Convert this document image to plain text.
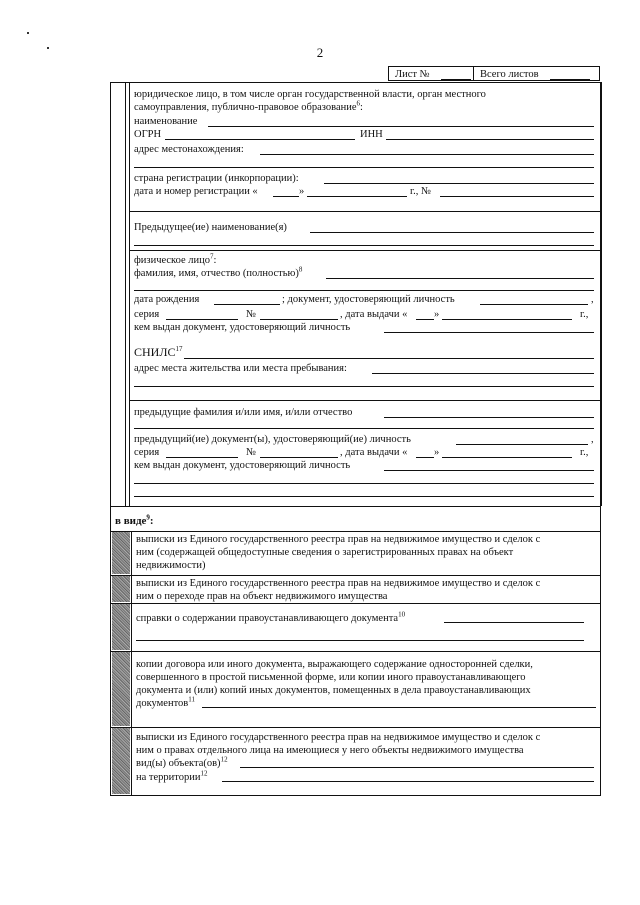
2
Лист №	Всего листов
юридическое лицо, в том числе орган государственной власти, орган местного
самоуправления, публично-правовое образование$^6$:
наименование
ОГРН	ИНН
адрес местонахождения:
страна регистрации (инкорпорации):
дата и номер регистрации «	»	г., №
Предыдущее(ие) наименование(я)
физическое лицо$^7$:
фамилия, имя, отчество (полностью)$^8$
дата рождения	; документ, удостоверяющий личность	,
серия	№	, дата выдачи «	»	г.,
кем выдан документ, удостоверяющий личность
СНИЛС$^{17}$
адрес места жительства или места пребывания:
предыдущие фамилия и/или имя, и/или отчество
предыдущий(ие) документ(ы), удостоверяющий(ие) личность	,
серия	№	, дата выдачи «	»	г.,
кем выдан документ, удостоверяющий личность
в виде$^9$:
выписки из Единого государственного реестра прав на недвижимое имущество и сделок с
ним (содержащей общедоступные сведения о зарегистрированных правах на объект
недвижимости)
выписки из Единого государственного реестра прав на недвижимое имущество и сделок с
ним о переходе прав на объект недвижимого имущества
справки о содержании правоустанавливающего документа$^{10}$
копии договора или иного документа, выражающего содержание односторонней сделки,
совершенного в простой письменной форме, или копии иного правоустанавливающего
документа и (или) копий иных документов, помещенных в дела правоустанавливающих
документов$^{11}$
выписки из Единого государственного реестра прав на недвижимое имущество и сделок с
ним о правах отдельного лица на имеющиеся у него объекты недвижимого имущества
вид(ы) объекта(ов)$^{12}$
на территории$^{12}$
